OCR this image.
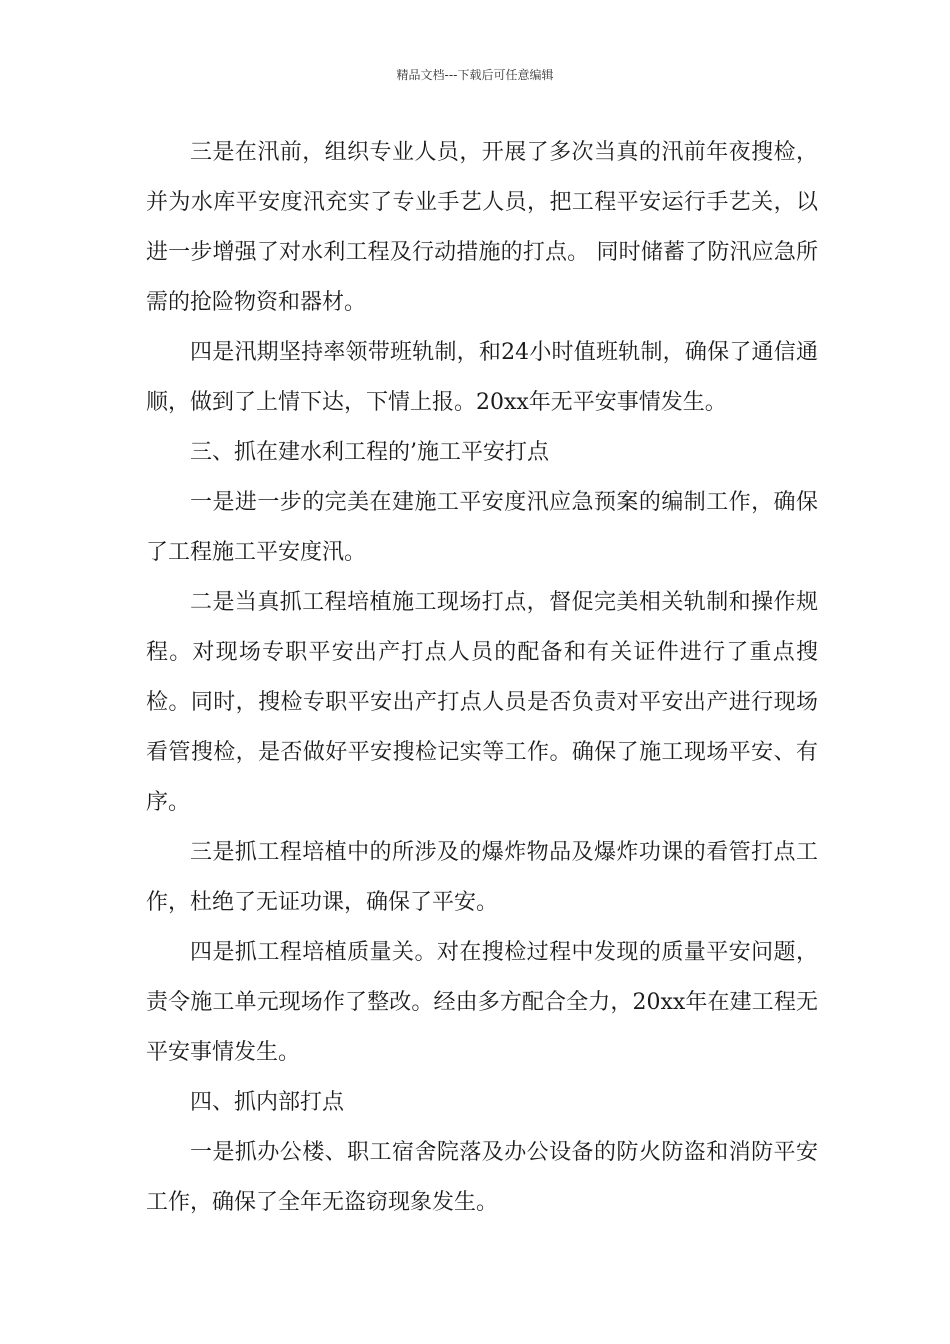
精品文档---下载后可任意编辑

三是在汛前，组织专业人员，开展了多次当真的汛前年夜搜检，并为水库平安度汛充实了专业手艺人员，把工程平安运行手艺关，以进一步增强了对水利工程及行动措施的打点。 同时储蓄了防汛应急所需的抢险物资和器材。

四是汛期坚持率领带班轨制，和24小时值班轨制，确保了通信通顺，做到了上情下达，下情上报。20xx年无平安事情发生。

三、抓在建水利工程的’施工平安打点

一是进一步的完美在建施工平安度汛应急预案的编制工作，确保了工程施工平安度汛。

二是当真抓工程培植施工现场打点，督促完美相关轨制和操作规程。对现场专职平安出产打点人员的配备和有关证件进行了重点搜检。同时，搜检专职平安出产打点人员是否负责对平安出产进行现场看管搜检，是否做好平安搜检记实等工作。确保了施工现场平安、有序。

三是抓工程培植中的所涉及的爆炸物品及爆炸功课的看管打点工作，杜绝了无证功课，确保了平安。

四是抓工程培植质量关。对在搜检过程中发现的质量平安问题，责令施工单元现场作了整改。经由多方配合全力，20xx年在建工程无平安事情发生。

四、抓内部打点

一是抓办公楼、职工宿舍院落及办公设备的防火防盗和消防平安工作，确保了全年无盗窃现象发生。
